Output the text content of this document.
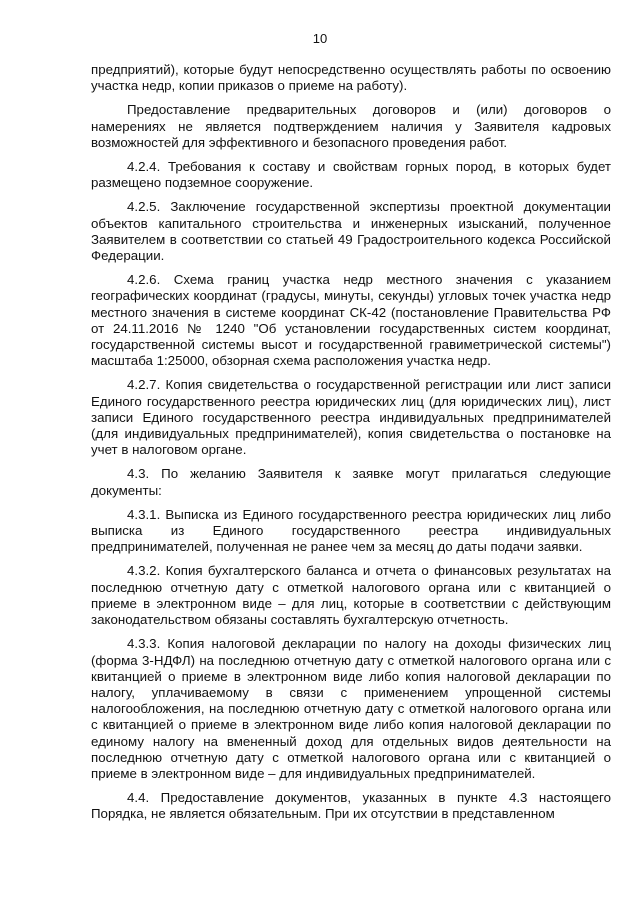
10

предприятий), которые будут непосредственно осуществлять работы по освоению участка недр, копии приказов о приеме на работу).

Предоставление предварительных договоров и (или) договоров о намерениях не является подтверждением наличия у Заявителя кадровых возможностей для эффективного и безопасного проведения работ.

4.2.4. Требования к составу и свойствам горных пород, в которых будет размещено подземное сооружение.

4.2.5. Заключение государственной экспертизы проектной документации объектов капитального строительства и инженерных изысканий, полученное Заявителем в соответствии со статьей 49 Градостроительного кодекса Российской Федерации.

4.2.6. Схема границ участка недр местного значения с указанием географических координат (градусы, минуты, секунды) угловых точек участка недр местного значения в системе координат СК-42 (постановление Правительства РФ от 24.11.2016 № 1240 "Об установлении государственных систем координат, государственной системы высот и государственной гравиметрической системы") масштаба 1:25000, обзорная схема расположения участка недр.

4.2.7. Копия свидетельства о государственной регистрации или лист записи Единого государственного реестра юридических лиц (для юридических лиц), лист записи Единого государственного реестра индивидуальных предпринимателей (для индивидуальных предпринимателей), копия свидетельства о постановке на учет в налоговом органе.

4.3. По желанию Заявителя к заявке могут прилагаться следующие документы:

4.3.1. Выписка из Единого государственного реестра юридических лиц либо выписка из Единого государственного реестра индивидуальных предпринимателей, полученная не ранее чем за месяц до даты подачи заявки.

4.3.2. Копия бухгалтерского баланса и отчета о финансовых результатах на последнюю отчетную дату с отметкой налогового органа или с квитанцией о приеме в электронном виде – для лиц, которые в соответствии с действующим законодательством обязаны составлять бухгалтерскую отчетность.

4.3.3. Копия налоговой декларации по налогу на доходы физических лиц (форма 3-НДФЛ) на последнюю отчетную дату с отметкой налогового органа или с квитанцией о приеме в электронном виде либо копия налоговой декларации по налогу, уплачиваемому в связи с применением упрощенной системы налогообложения, на последнюю отчетную дату с отметкой налогового органа или с квитанцией о приеме в электронном виде либо копия налоговой декларации по единому налогу на вмененный доход для отдельных видов деятельности на последнюю отчетную дату с отметкой налогового органа или с квитанцией о приеме в электронном виде – для индивидуальных предпринимателей.

4.4. Предоставление документов, указанных в пункте 4.3 настоящего Порядка, не является обязательным. При их отсутствии в представленном
